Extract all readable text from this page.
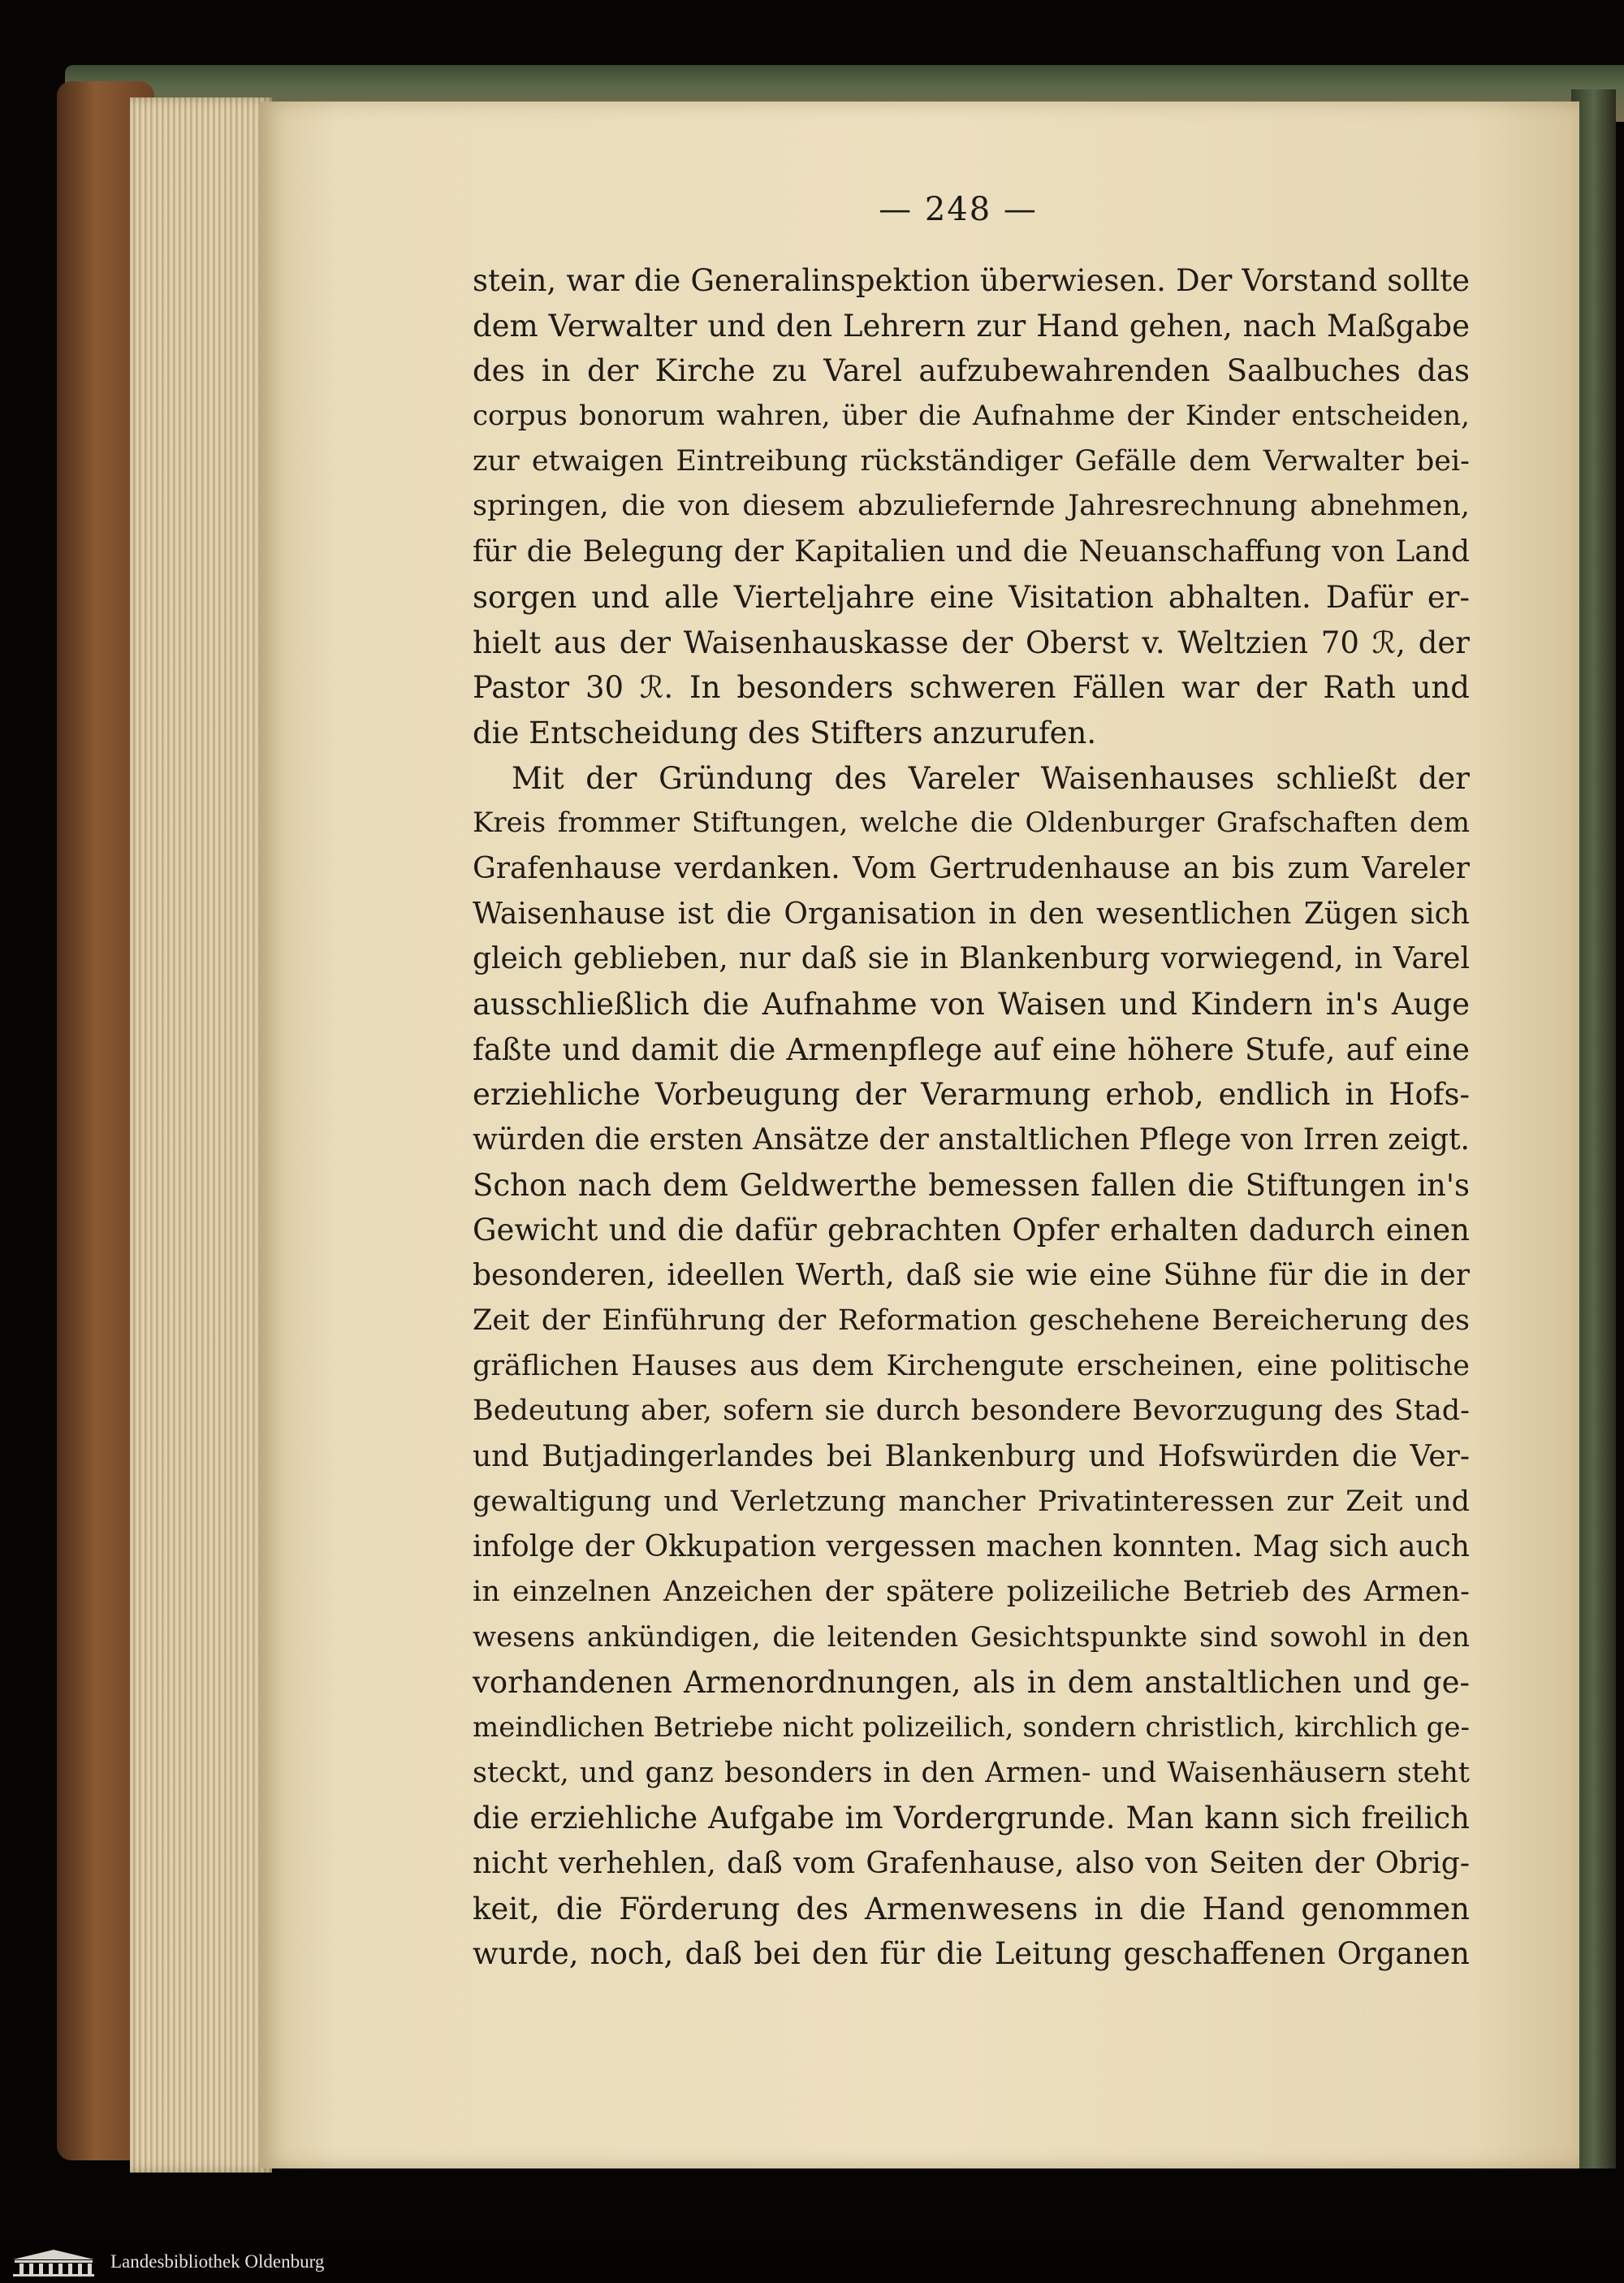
— 248 —
stein, war die Generalinspektion überwiesen. Der Vorstand sollte
dem Verwalter und den Lehrern zur Hand gehen, nach Maßgabe
des in der Kirche zu Varel aufzubewahrenden Saalbuches das
corpus bonorum wahren, über die Aufnahme der Kinder entscheiden,
zur etwaigen Eintreibung rückständiger Gefälle dem Verwalter bei-
springen, die von diesem abzuliefernde Jahresrechnung abnehmen,
für die Belegung der Kapitalien und die Neuanschaffung von Land
sorgen und alle Vierteljahre eine Visitation abhalten. Dafür er-
hielt aus der Waisenhauskasse der Oberst v. Weltzien 70 ℛ, der
Pastor 30 ℛ. In besonders schweren Fällen war der Rath und
die Entscheidung des Stifters anzurufen.
Mit der Gründung des Vareler Waisenhauses schließt der
Kreis frommer Stiftungen, welche die Oldenburger Grafschaften dem
Grafenhause verdanken. Vom Gertrudenhause an bis zum Vareler
Waisenhause ist die Organisation in den wesentlichen Zügen sich
gleich geblieben, nur daß sie in Blankenburg vorwiegend, in Varel
ausschließlich die Aufnahme von Waisen und Kindern in's Auge
faßte und damit die Armenpflege auf eine höhere Stufe, auf eine
erziehliche Vorbeugung der Verarmung erhob, endlich in Hofs-
würden die ersten Ansätze der anstaltlichen Pflege von Irren zeigt.
Schon nach dem Geldwerthe bemessen fallen die Stiftungen in's
Gewicht und die dafür gebrachten Opfer erhalten dadurch einen
besonderen, ideellen Werth, daß sie wie eine Sühne für die in der
Zeit der Einführung der Reformation geschehene Bereicherung des
gräflichen Hauses aus dem Kirchengute erscheinen, eine politische
Bedeutung aber, sofern sie durch besondere Bevorzugung des Stad-
und Butjadingerlandes bei Blankenburg und Hofswürden die Ver-
gewaltigung und Verletzung mancher Privatinteressen zur Zeit und
infolge der Okkupation vergessen machen konnten. Mag sich auch
in einzelnen Anzeichen der spätere polizeiliche Betrieb des Armen-
wesens ankündigen, die leitenden Gesichtspunkte sind sowohl in den
vorhandenen Armenordnungen, als in dem anstaltlichen und ge-
meindlichen Betriebe nicht polizeilich, sondern christlich, kirchlich ge-
steckt, und ganz besonders in den Armen- und Waisenhäusern steht
die erziehliche Aufgabe im Vordergrunde. Man kann sich freilich
nicht verhehlen, daß vom Grafenhause, also von Seiten der Obrig-
keit, die Förderung des Armenwesens in die Hand genommen
wurde, noch, daß bei den für die Leitung geschaffenen Organen
Landesbibliothek Oldenburg
